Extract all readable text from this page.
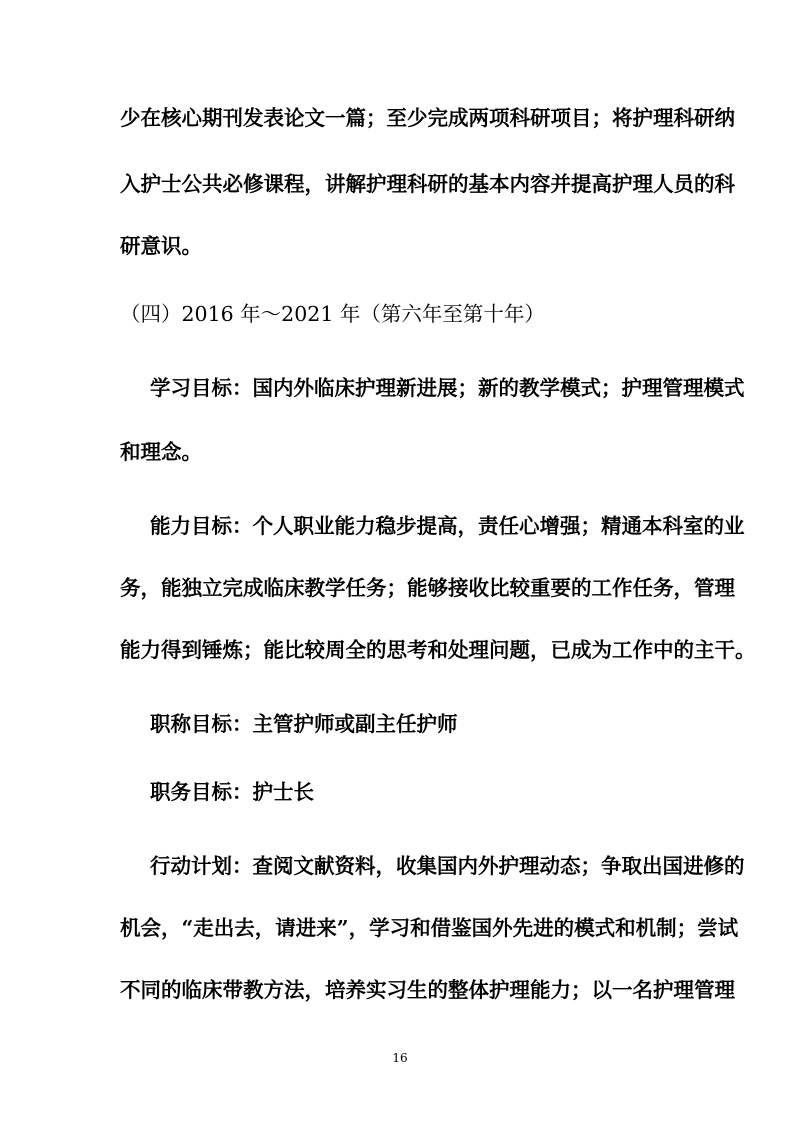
少在核心期刊发表论文一篇；至少完成两项科研项目；将护理科研纳
入护士公共必修课程，讲解护理科研的基本内容并提高护理人员的科
研意识。
（四）2016 年～2021 年（第六年至第十年）
学习目标：国内外临床护理新进展；新的教学模式；护理管理模式
和理念。
能力目标：个人职业能力稳步提高，责任心增强；精通本科室的业
务，能独立完成临床教学任务；能够接收比较重要的工作任务，管理
能力得到锤炼；能比较周全的思考和处理问题，已成为工作中的主干。
职称目标：主管护师或副主任护师
职务目标：护士长
行动计划：查阅文献资料，收集国内外护理动态；争取出国进修的
机会，“走出去，请进来”，学习和借鉴国外先进的模式和机制；尝试
不同的临床带教方法，培养实习生的整体护理能力；以一名护理管理
16
